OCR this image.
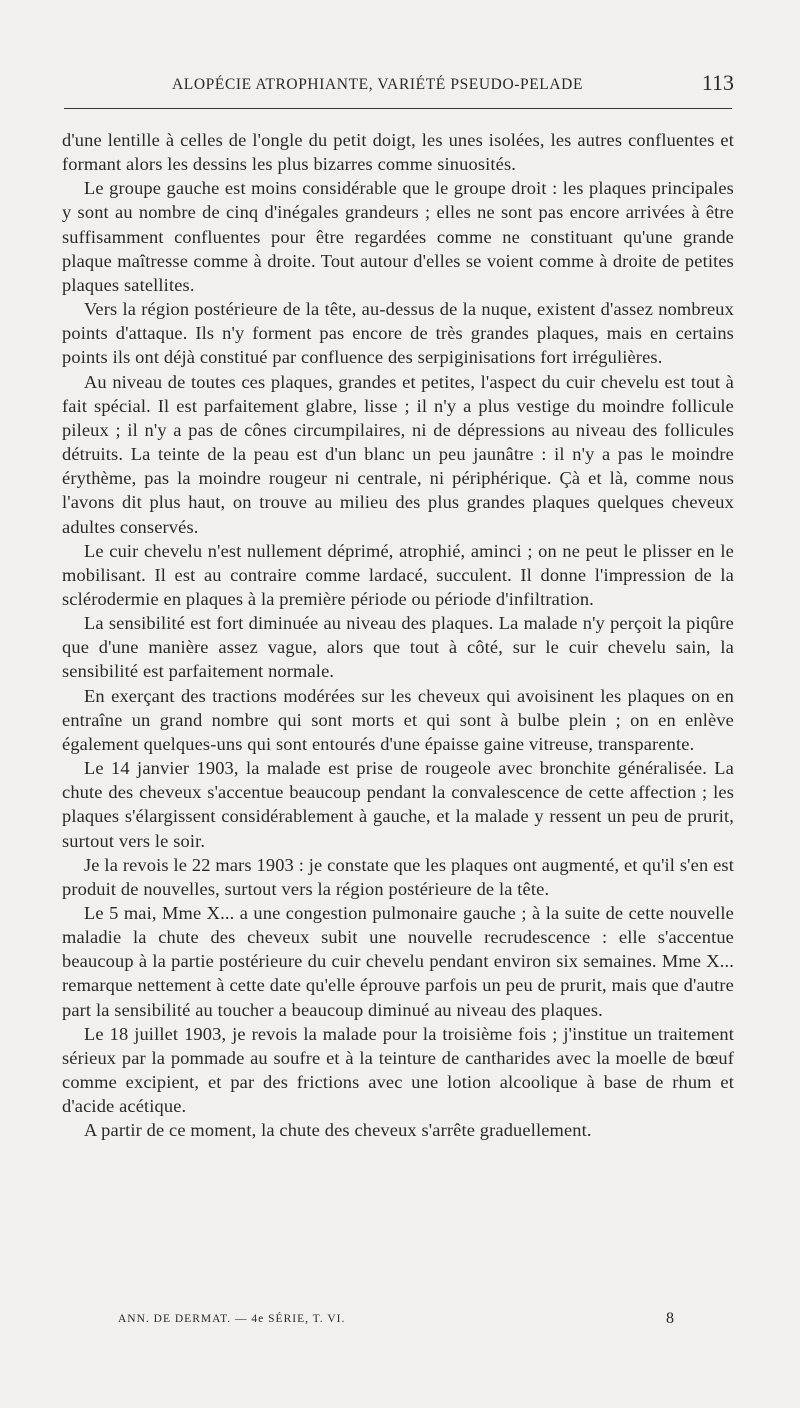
ALOPÉCIE ATROPHIANTE, VARIÉTÉ PSEUDO-PELADE	113

d'une lentille à celles de l'ongle du petit doigt, les unes isolées, les autres confluentes et formant alors les dessins les plus bizarres comme sinuosités.

Le groupe gauche est moins considérable que le groupe droit : les plaques principales y sont au nombre de cinq d'inégales grandeurs ; elles ne sont pas encore arrivées à être suffisamment confluentes pour être regardées comme ne constituant qu'une grande plaque maîtresse comme à droite. Tout autour d'elles se voient comme à droite de petites plaques satellites.

Vers la région postérieure de la tête, au-dessus de la nuque, existent d'assez nombreux points d'attaque. Ils n'y forment pas encore de très grandes plaques, mais en certains points ils ont déjà constitué par confluence des serpiginisations fort irrégulières.

Au niveau de toutes ces plaques, grandes et petites, l'aspect du cuir chevelu est tout à fait spécial. Il est parfaitement glabre, lisse ; il n'y a plus vestige du moindre follicule pileux ; il n'y a pas de cônes circumpilaires, ni de dépressions au niveau des follicules détruits. La teinte de la peau est d'un blanc un peu jaunâtre : il n'y a pas le moindre érythème, pas la moindre rougeur ni centrale, ni périphérique. Çà et là, comme nous l'avons dit plus haut, on trouve au milieu des plus grandes plaques quelques cheveux adultes conservés.

Le cuir chevelu n'est nullement déprimé, atrophié, aminci ; on ne peut le plisser en le mobilisant. Il est au contraire comme lardacé, succulent. Il donne l'impression de la sclérodermie en plaques à la première période ou période d'infiltration.

La sensibilité est fort diminuée au niveau des plaques. La malade n'y perçoit la piqûre que d'une manière assez vague, alors que tout à côté, sur le cuir chevelu sain, la sensibilité est parfaitement normale.

En exerçant des tractions modérées sur les cheveux qui avoisinent les plaques on en entraîne un grand nombre qui sont morts et qui sont à bulbe plein ; on en enlève également quelques-uns qui sont entourés d'une épaisse gaine vitreuse, transparente.

Le 14 janvier 1903, la malade est prise de rougeole avec bronchite généralisée. La chute des cheveux s'accentue beaucoup pendant la convalescence de cette affection ; les plaques s'élargissent considérablement à gauche, et la malade y ressent un peu de prurit, surtout vers le soir.

Je la revois le 22 mars 1903 : je constate que les plaques ont augmenté, et qu'il s'en est produit de nouvelles, surtout vers la région postérieure de la tête.

Le 5 mai, Mme X... a une congestion pulmonaire gauche ; à la suite de cette nouvelle maladie la chute des cheveux subit une nouvelle recrudescence : elle s'accentue beaucoup à la partie postérieure du cuir chevelu pendant environ six semaines. Mme X... remarque nettement à cette date qu'elle éprouve parfois un peu de prurit, mais que d'autre part la sensibilité au toucher a beaucoup diminué au niveau des plaques.

Le 18 juillet 1903, je revois la malade pour la troisième fois ; j'institue un traitement sérieux par la pommade au soufre et à la teinture de cantharides avec la moelle de bœuf comme excipient, et par des frictions avec une lotion alcoolique à base de rhum et d'acide acétique.

A partir de ce moment, la chute des cheveux s'arrête graduellement.

ANN. DE DERMAT. — 4e SÉRIE, T. VI.	8
